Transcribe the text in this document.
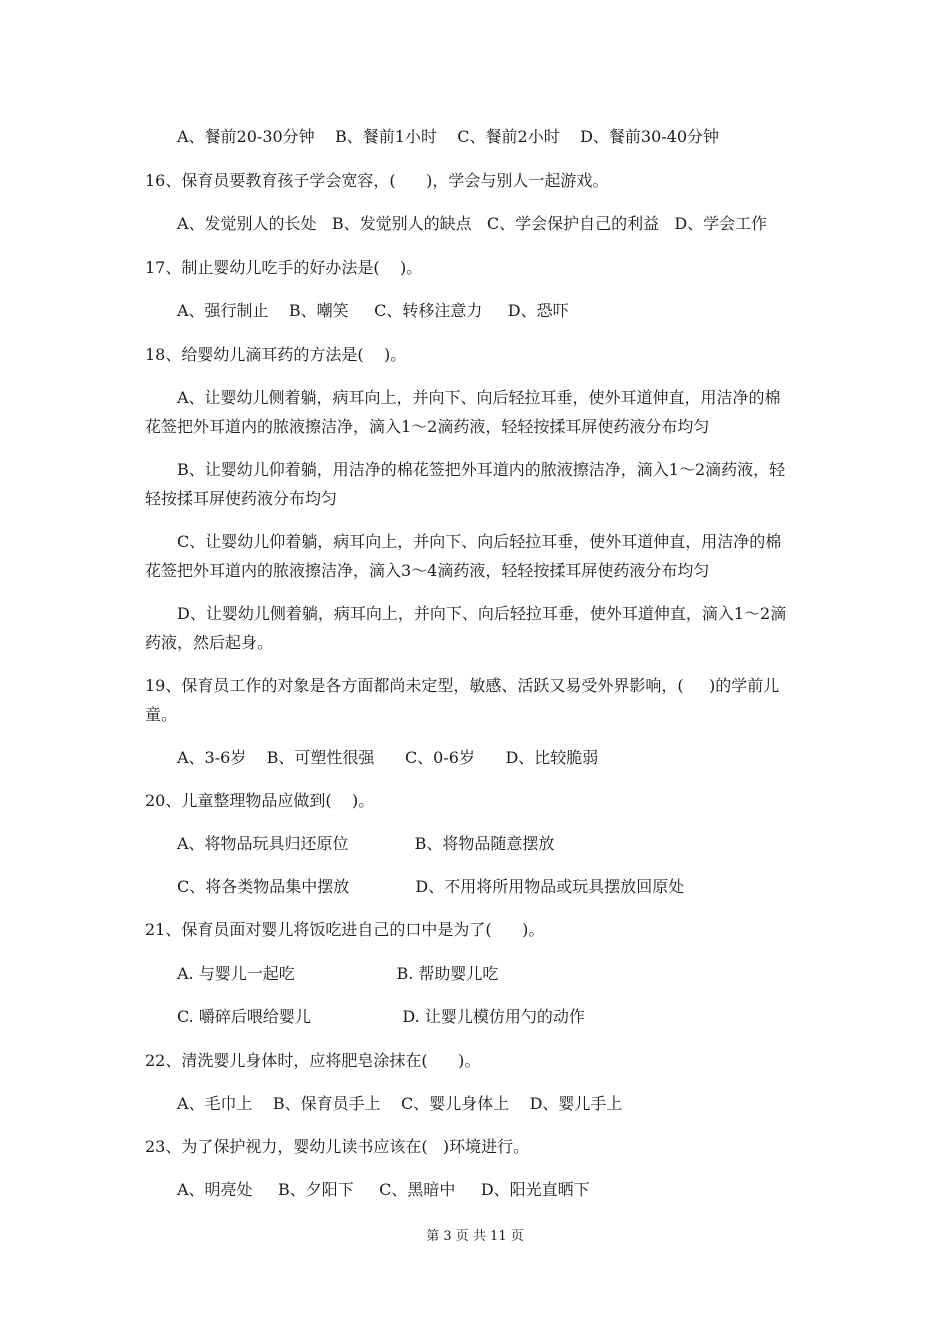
A、餐前20-30分钟    B、餐前1小时    C、餐前2小时    D、餐前30-40分钟
16、保育员要教育孩子学会宽容，(      )，学会与别人一起游戏。
A、发觉别人的长处   B、发觉别人的缺点   C、学会保护自己的利益   D、学会工作
17、制止婴幼儿吃手的好办法是(    )。
A、强行制止    B、嘲笑     C、转移注意力     D、恐吓
18、给婴幼儿滴耳药的方法是(    )。
A、让婴幼儿侧着躺，病耳向上，并向下、向后轻拉耳垂，使外耳道伸直，用洁净的棉
花签把外耳道内的脓液擦洁净，滴入1～2滴药液，轻轻按揉耳屏使药液分布均匀
B、让婴幼儿仰着躺，用洁净的棉花签把外耳道内的脓液擦洁净，滴入1～2滴药液，轻
轻按揉耳屏使药液分布均匀
C、让婴幼儿仰着躺，病耳向上，并向下、向后轻拉耳垂，使外耳道伸直，用洁净的棉
花签把外耳道内的脓液擦洁净，滴入3～4滴药液，轻轻按揉耳屏使药液分布均匀
D、让婴幼儿侧着躺，病耳向上，并向下、向后轻拉耳垂，使外耳道伸直，滴入1～2滴
药液，然后起身。
19、保育员工作的对象是各方面都尚未定型，敏感、活跃又易受外界影响，(     )的学前儿
童。
A、3-6岁    B、可塑性很强      C、0-6岁      D、比较脆弱
20、儿童整理物品应做到(    )。
A、将物品玩具归还原位             B、将物品随意摆放
C、将各类物品集中摆放             D、不用将所用物品或玩具摆放回原处
21、保育员面对婴儿将饭吃进自己的口中是为了(      )。
A. 与婴儿一起吃                    B. 帮助婴儿吃
C. 嚼碎后喂给婴儿                  D. 让婴儿模仿用勺的动作
22、清洗婴儿身体时，应将肥皂涂抹在(      )。
A、毛巾上    B、保育员手上    C、婴儿身体上    D、婴儿手上
23、为了保护视力，婴幼儿读书应该在(   )环境进行。
A、明亮处     B、夕阳下     C、黑暗中     D、阳光直晒下
第 3 页 共 11 页
